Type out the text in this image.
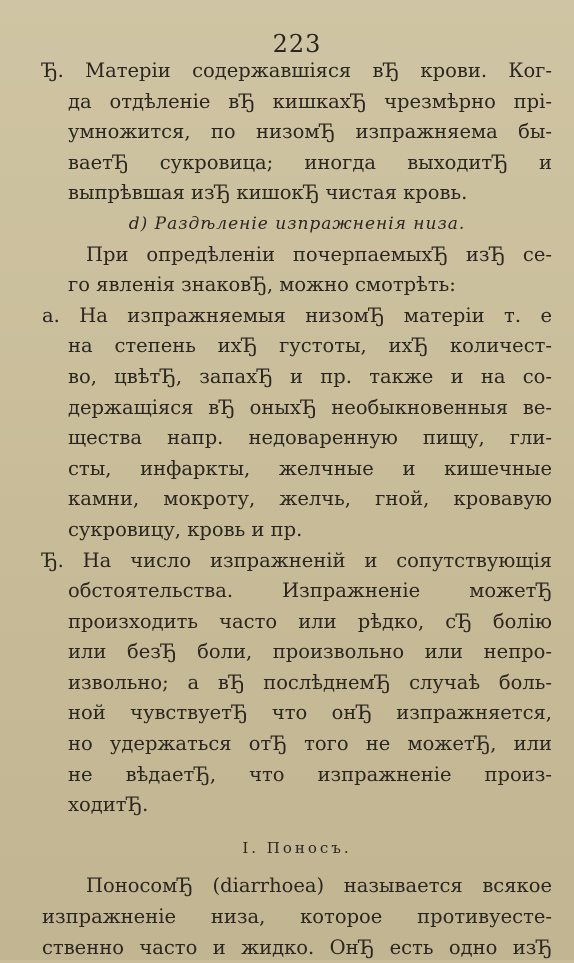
223
Ђ. Матеріи содержавшіяся вЂ крови. Ког-
да отдѣленіе вЂ кишкахЂ чрезмѣрно прі-
умножится, по низомЂ изпражняема бы-
ваетЂ сукровица; иногда выходитЂ и
выпрѣвшая изЂ кишокЂ чистая кровь.
d) Раздѣленіе изпражненія низа.
При опредѣленіи почерпаемыхЂ изЂ се-
го явленія знаковЂ, можно смотрѣть:
а. На изпражняемыя низомЂ матеріи т. е
на степень ихЂ густоты, ихЂ количест-
во, цвѣтЂ, запахЂ и пр. также и на со-
держащіяся вЂ оныхЂ необыкновенныя ве-
щества напр. недоваренную пищу, гли-
сты, инфаркты, желчные и кишечные
камни, мокроту, желчь, гной, кровавую
сукровицу, кровь и пр.
Ђ. На число изпражненій и сопутствующія
обстоятельства. Изпражненіе можетЂ
произходить часто или рѣдко, сЂ болію
или безЂ боли, произвольно или непро-
извольно; а вЂ послѣднемЂ случаѣ боль-
ной чувствуетЂ что онЂ изпражняется,
но удержаться отЂ того не можетЂ, или
не вѣдаетЂ, что изпражненіе произ-
ходитЂ.
I. Поносъ.
ПоносомЂ (diarrhoea) называется всякое
изпражненіе низа, которое противуестe-
ственно часто и жидко. ОнЂ есть одно изЂ
